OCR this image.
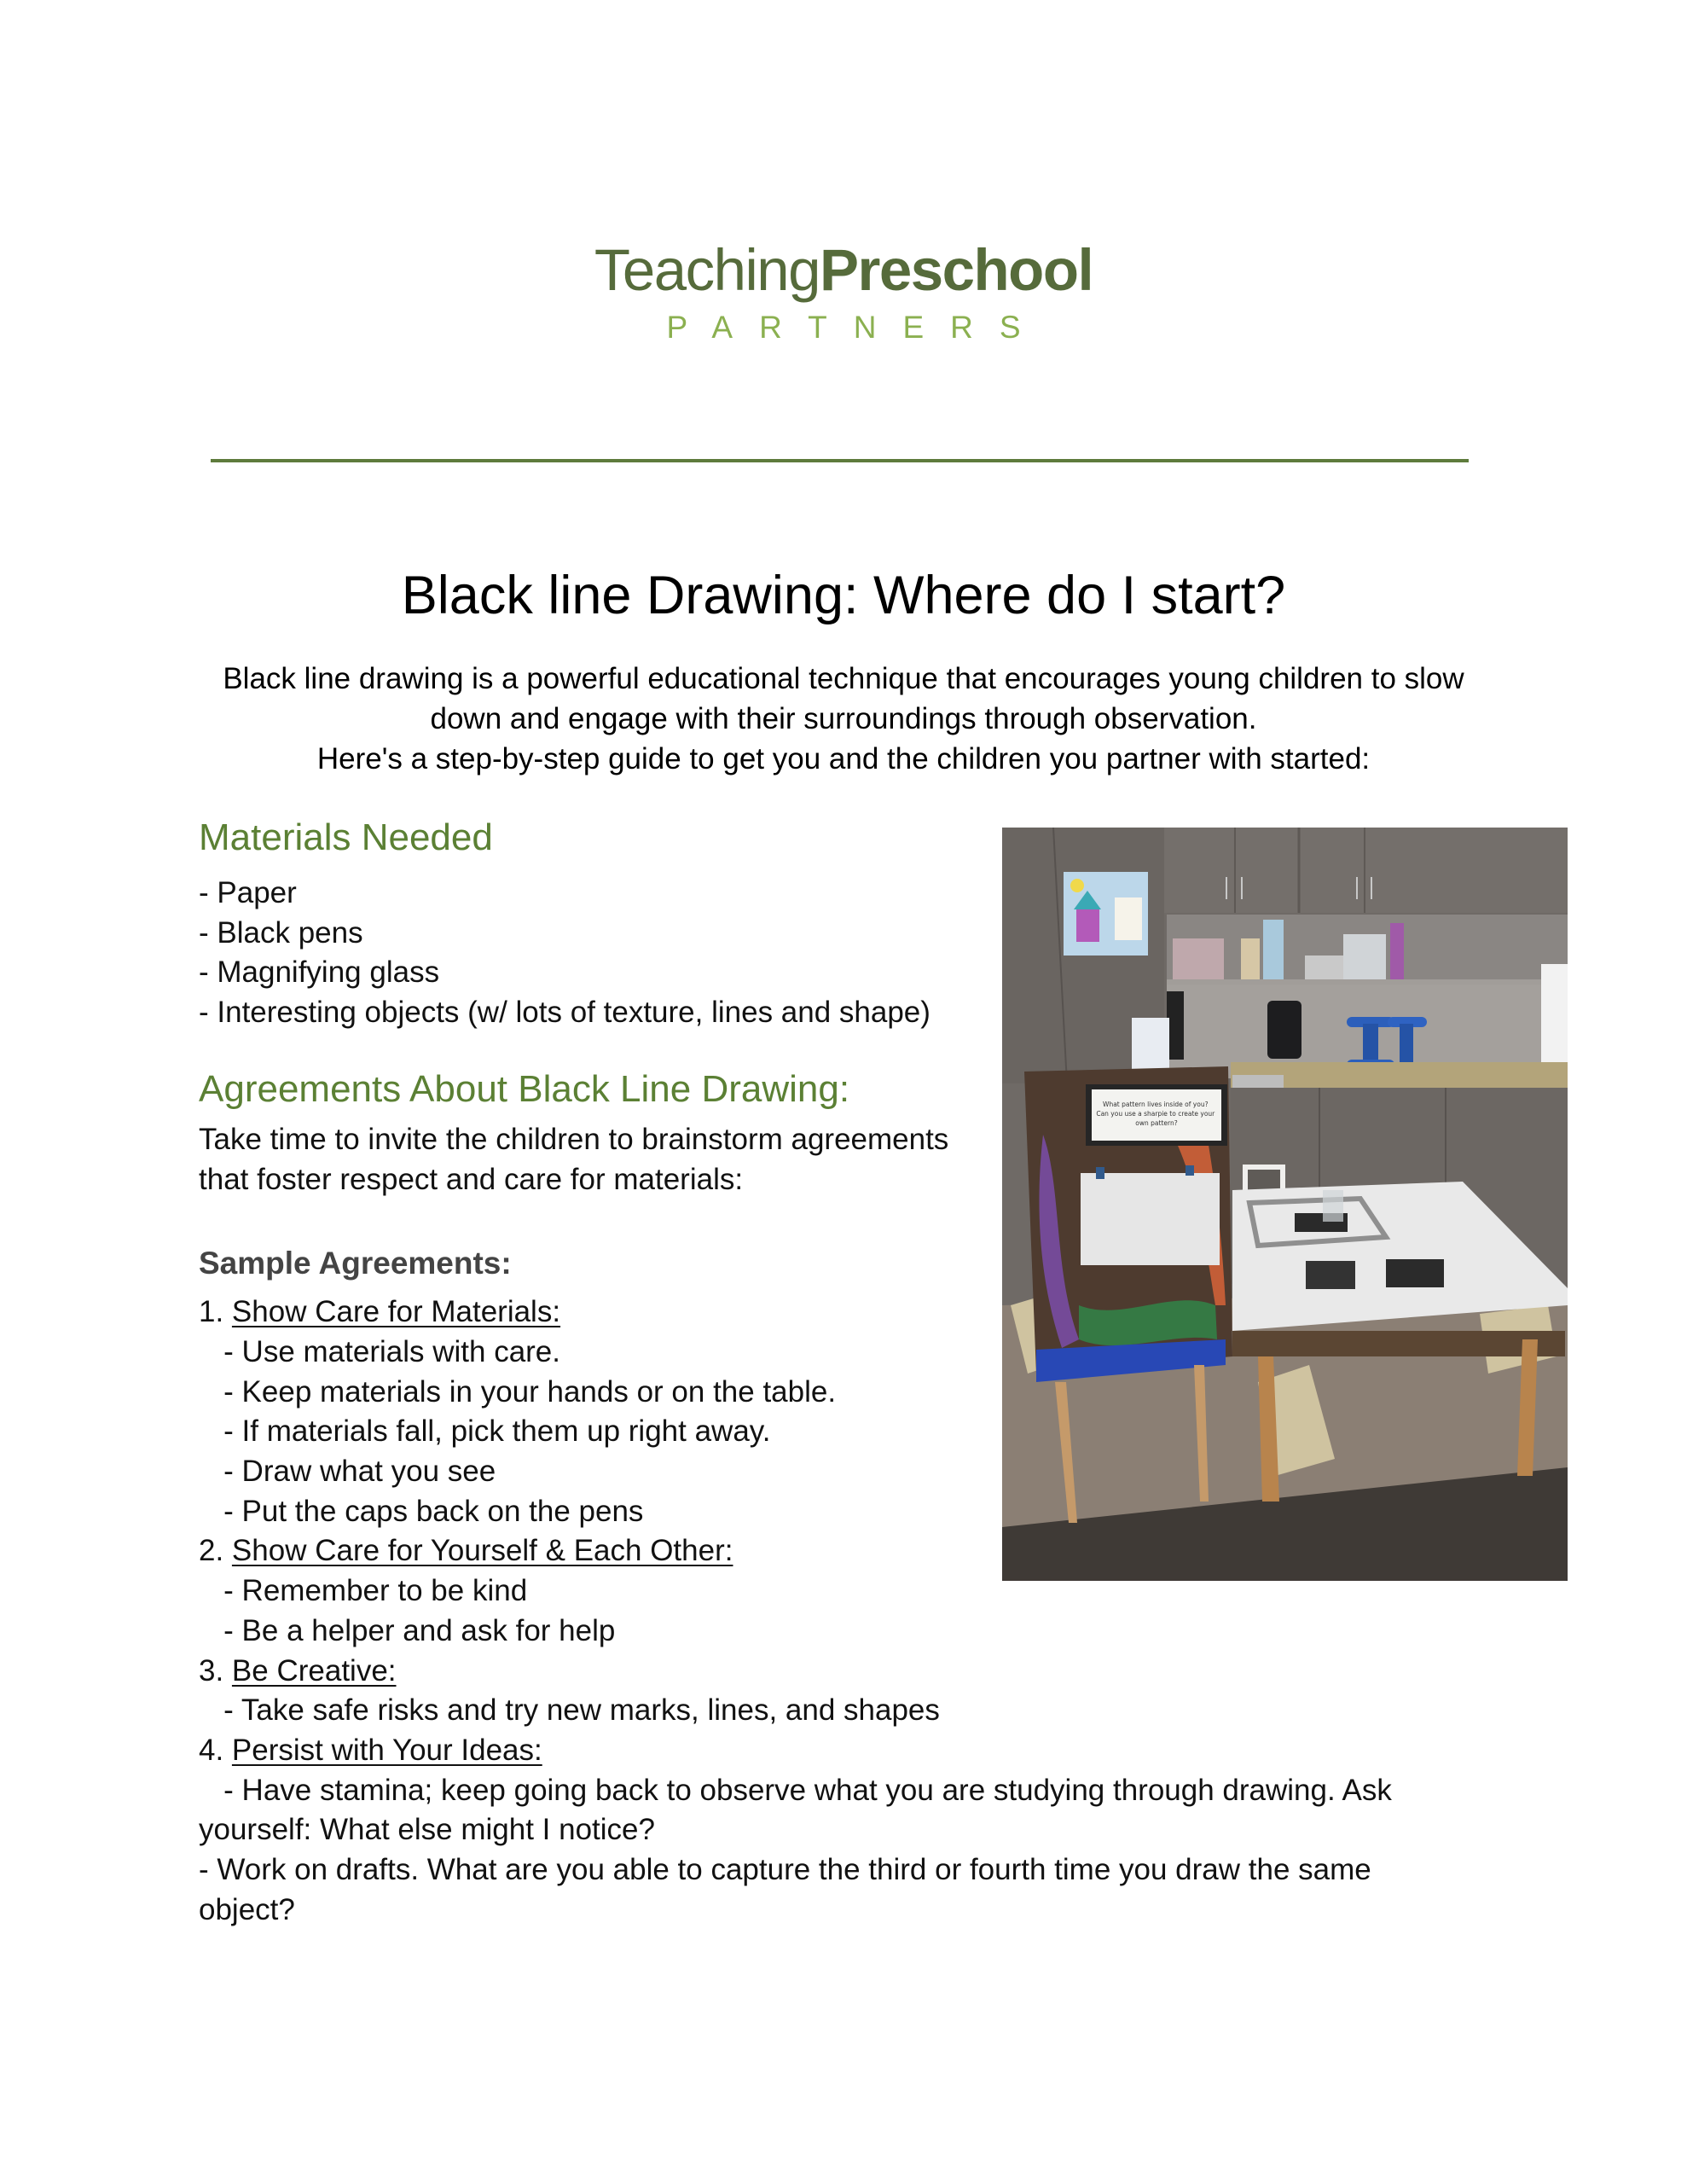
TeachingPreschool
PARTNERS
Black line Drawing: Where do I start?
Black line drawing is a powerful educational technique that encourages young children to slow
down and engage with their surroundings through observation.
Here's a step-by-step guide to get you and the children you partner with started:
Materials Needed
- Paper
- Black pens
- Magnifying glass
- Interesting objects (w/ lots of texture, lines and shape)
Agreements About Black Line Drawing:
Take time to invite the children to brainstorm agreements
that foster respect and care for materials:
Sample Agreements:
1. Show Care for Materials:
- Use materials with care.
- Keep materials in your hands or on the table.
- If materials fall, pick them up right away.
- Draw what you see
- Put the caps back on the pens
2. Show Care for Yourself & Each Other:
- Remember to be kind
- Be a helper and ask for help
3. Be Creative:
- Take safe risks and try new marks, lines, and shapes
4. Persist with Your Ideas:
- Have stamina; keep going back to observe what you are studying through drawing. Ask
yourself: What else might I notice?
- Work on drafts. What are you able to capture the third or fourth time you draw the same
object?
What pattern lives inside of you? Can you use a sharpie to create your own pattern?
